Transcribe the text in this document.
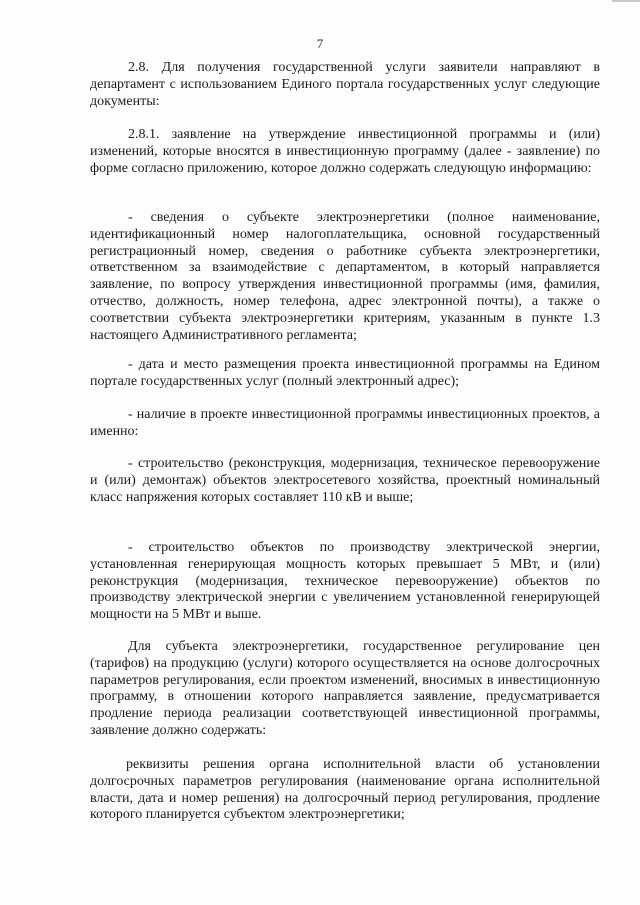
7

2.8. Для получения государственной услуги заявители направляют в департамент с использованием Единого портала государственных услуг следующие документы:

2.8.1. заявление на утверждение инвестиционной программы и (или) изменений, которые вносятся в инвестиционную программу (далее - заявление) по форме согласно приложению, которое должно содержать следующую информацию:

- сведения о субъекте электроэнергетики (полное наименование, идентификационный номер налогоплательщика, основной государственный регистрационный номер, сведения о работнике субъекта электроэнергетики, ответственном за взаимодействие с департаментом, в который направляется заявление, по вопросу утверждения инвестиционной программы (имя, фамилия, отчество, должность, номер телефона, адрес электронной почты), а также о соответствии субъекта электроэнергетики критериям, указанным в пункте 1.3 настоящего Административного регламента;

- дата и место размещения проекта инвестиционной программы на Едином портале государственных услуг (полный электронный адрес);

- наличие в проекте инвестиционной программы инвестиционных проектов, а именно:

- строительство (реконструкция, модернизация, техническое перевооружение и (или) демонтаж) объектов электросетевого хозяйства, проектный номинальный класс напряжения которых составляет 110 кВ и выше;

- строительство объектов по производству электрической энергии, установленная генерирующая мощность которых превышает 5 МВт, и (или) реконструкция (модернизация, техническое перевооружение) объектов по производству электрической энергии с увеличением установленной генерирующей мощности на 5 МВт и выше.

Для субъекта электроэнергетики, государственное регулирование цен (тарифов) на продукцию (услуги) которого осуществляется на основе долгосрочных параметров регулирования, если проектом изменений, вносимых в инвестиционную программу, в отношении которого направляется заявление, предусматривается продление периода реализации соответствующей инвестиционной программы, заявление должно содержать:

реквизиты решения органа исполнительной власти об установлении долгосрочных параметров регулирования (наименование органа исполнительной власти, дата и номер решения) на долгосрочный период регулирования, продление которого планируется субъектом электроэнергетики;
